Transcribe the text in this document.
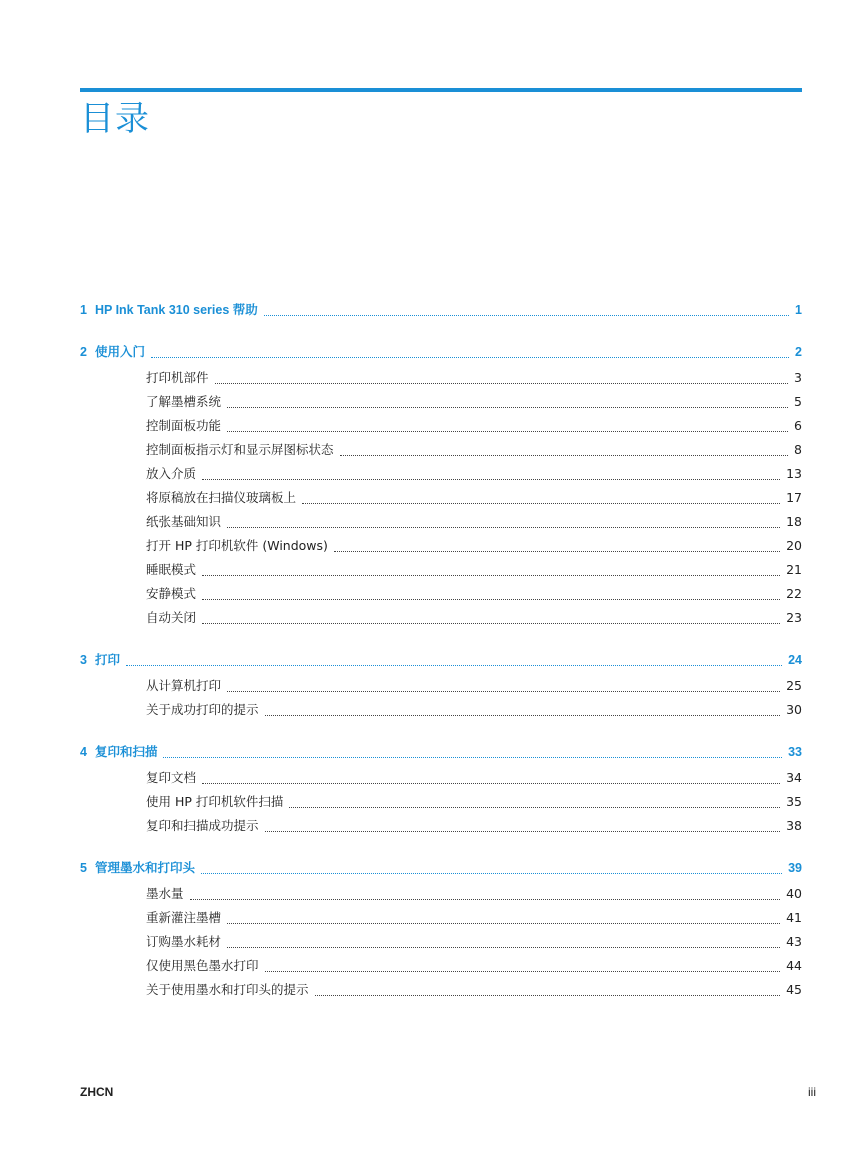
目录
1 HP Ink Tank 310 series 帮助	1
2 使用入门	2
打印机部件	3
了解墨槽系统	5
控制面板功能	6
控制面板指示灯和显示屏图标状态	8
放入介质	13
将原稿放在扫描仪玻璃板上	17
纸张基础知识	18
打开 HP 打印机软件 (Windows)	20
睡眠模式	21
安静模式	22
自动关闭	23
3 打印	24
从计算机打印	25
关于成功打印的提示	30
4 复印和扫描	33
复印文档	34
使用 HP 打印机软件扫描	35
复印和扫描成功提示	38
5 管理墨水和打印头	39
墨水量	40
重新灌注墨槽	41
订购墨水耗材	43
仅使用黑色墨水打印	44
关于使用墨水和打印头的提示	45
ZHCN	iii
